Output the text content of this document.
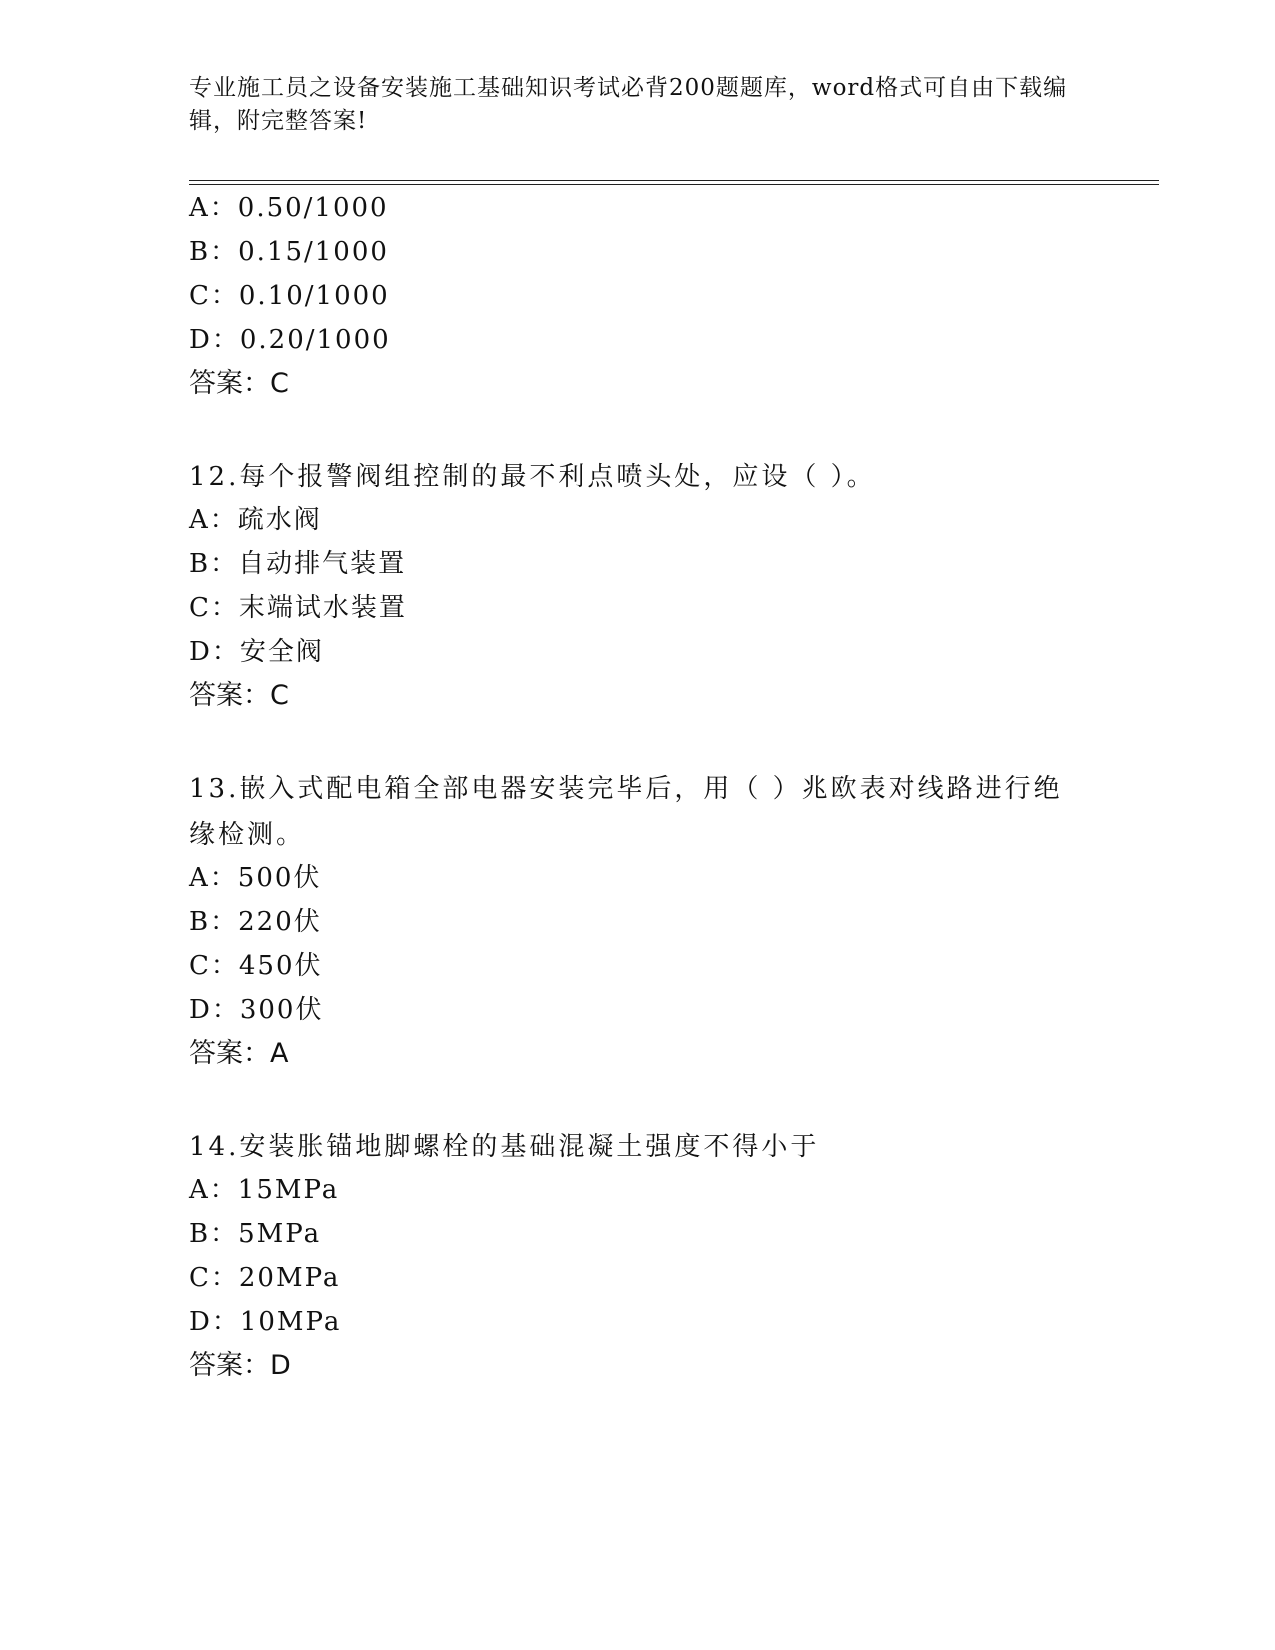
专业施工员之设备安装施工基础知识考试必背200题题库，word格式可自由下载编辑，附完整答案!
A：0.50/1000
B：0.15/1000
C：0.10/1000
D：0.20/1000
答案：C
12.每个报警阀组控制的最不利点喷头处，应设（ ）。
A：疏水阀
B：自动排气装置
C：末端试水装置
D：安全阀
答案：C
13.嵌入式配电箱全部电器安装完毕后，用（ ）兆欧表对线路进行绝缘检测。
A：500伏
B：220伏
C：450伏
D：300伏
答案：A
14.安装胀锚地脚螺栓的基础混凝土强度不得小于
A：15MPa
B：5MPa
C：20MPa
D：10MPa
答案：D
